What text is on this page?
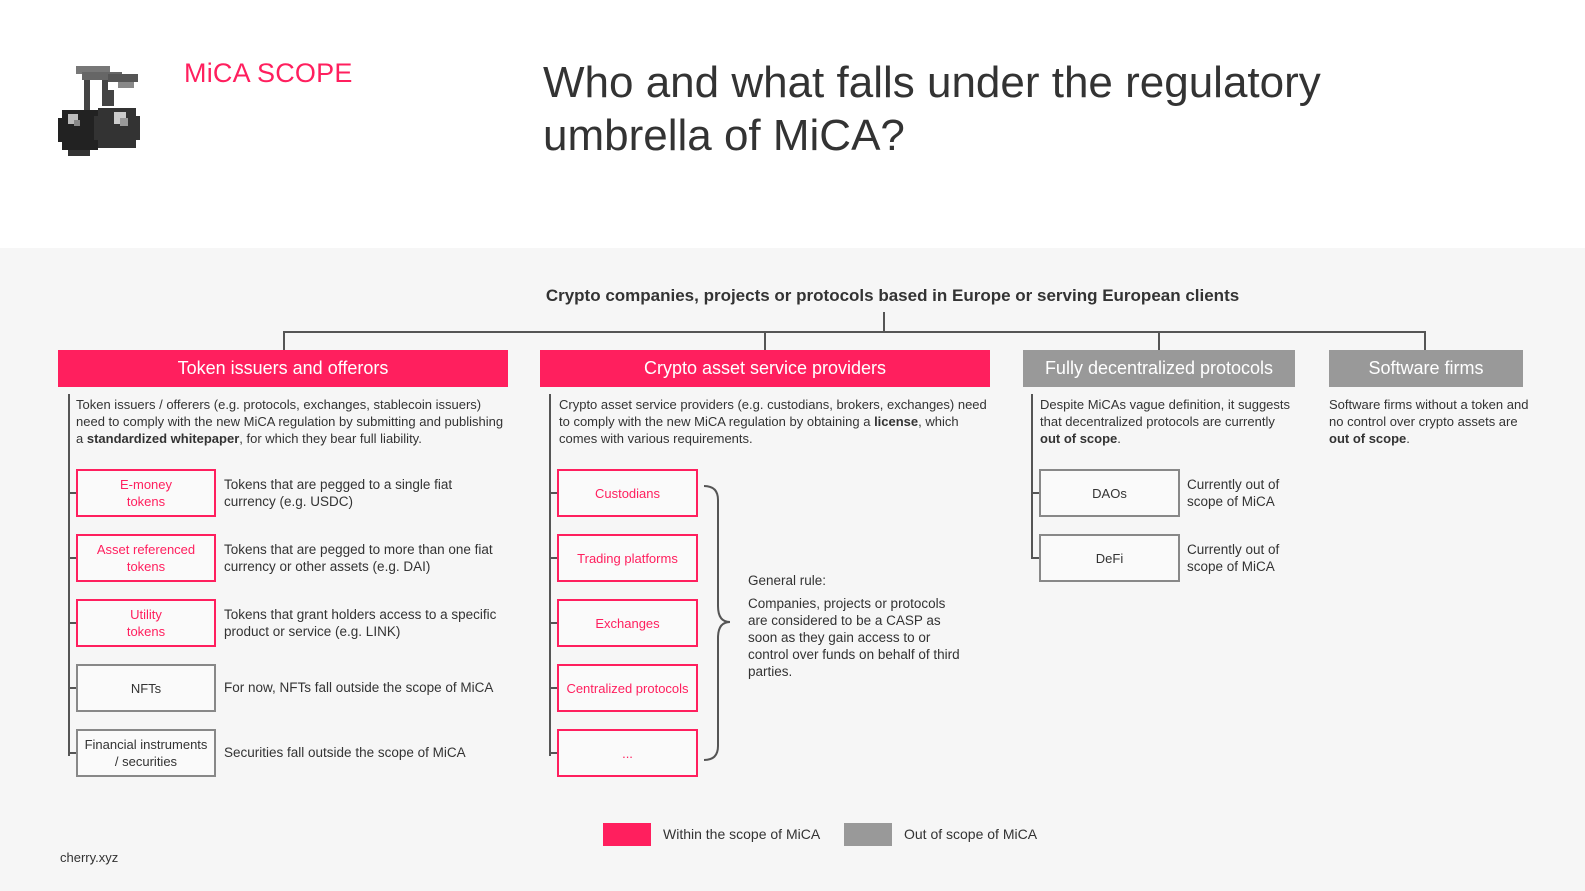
MiCA SCOPE	Who and what falls under the regulatory
umbrella of MiCA?
Crypto companies, projects or protocols based in Europe or serving European clients
Token issuers and offerors
Token issuers / offerers (e.g. protocols, exchanges, stablecoin issuers) need to comply with the new MiCA regulation by submitting and publishing a standardized whitepaper, for which they bear full liability.
E-money tokens
Tokens that are pegged to a single fiat currency (e.g. USDC)
Asset referenced tokens
Tokens that are pegged to more than one fiat currency or other assets (e.g. DAI)
Utility tokens
Tokens that grant holders access to a specific product or service (e.g. LINK)
NFTs	For now, NFTs fall outside the scope of MiCA
Financial instruments / securities
Securities fall outside the scope of MiCA
Crypto asset service providers
Crypto asset service providers (e.g. custodians, brokers, exchanges) need to comply with the new MiCA regulation by obtaining a license, which comes with various requirements.
Custodians
Trading platforms
Exchanges
Centralized protocols
...
General rule:
Companies, projects or protocols are considered to be a CASP as soon as they gain access to or control over funds on behalf of third parties.
Fully decentralized protocols
Despite MiCAs vague definition, it suggests that decentralized protocols are currently out of scope.
DAOs
Currently out of scope of MiCA
DeFi
Currently out of scope of MiCA
Software firms
Software firms without a token and no control over crypto assets are out of scope.
Within the scope of MiCA	Out of scope of MiCA
cherry.xyz
